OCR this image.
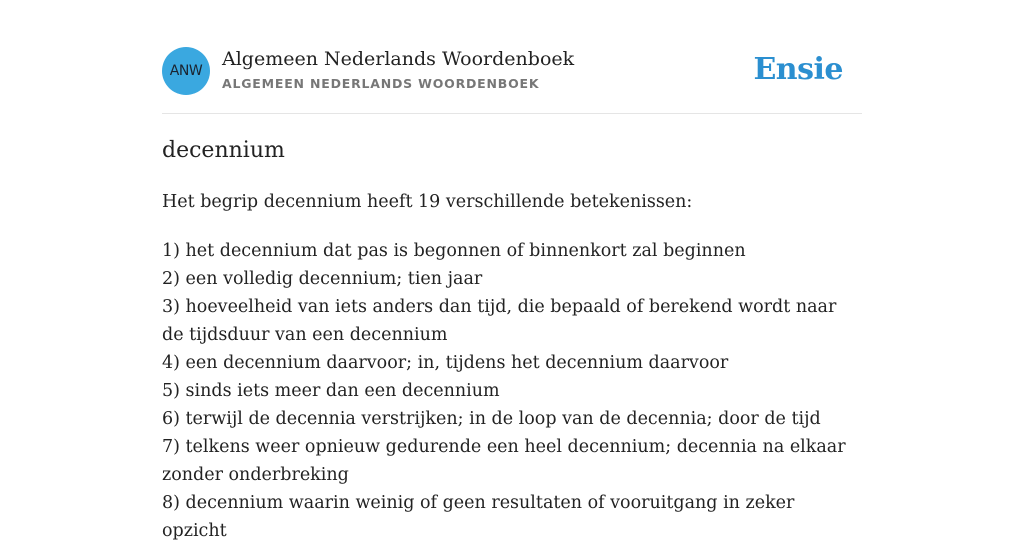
ANW
Algemeen Nederlands Woordenboek
ALGEMEEN NEDERLANDS WOORDENBOEK	Ensie
decennium
Het begrip decennium heeft 19 verschillende betekenissen:
1) het decennium dat pas is begonnen of binnenkort zal beginnen
2) een volledig decennium; tien jaar
3) hoeveelheid van iets anders dan tijd, die bepaald of berekend wordt naar de tijdsduur van een decennium
4) een decennium daarvoor; in, tijdens het decennium daarvoor
5) sinds iets meer dan een decennium
6) terwijl de decennia verstrijken; in de loop van de decennia; door de tijd
7) telkens weer opnieuw gedurende een heel decennium; decennia na elkaar zonder onderbreking
8) decennium waarin weinig of geen resultaten of vooruitgang in zeker opzicht
